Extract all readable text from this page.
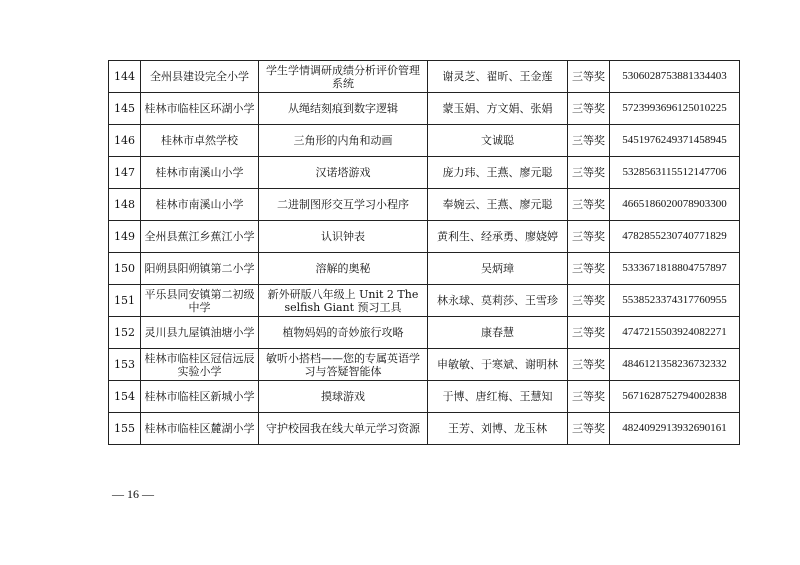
144	全州县建设完全小学	学生学情调研成绩分析评价管理系统	谢灵芝、翟昕、王金莲	三等奖	5306028753881334403
145	桂林市临桂区环湖小学	从绳结刻痕到数字逻辑	蒙玉娟、方文娟、张娟	三等奖	5723993696125010225
146	桂林市卓然学校	三角形的内角和动画	文诚聪	三等奖	5451976249371458945
147	桂林市南溪山小学	汉诺塔游戏	庞力玮、王燕、廖元聪	三等奖	5328563115512147706
148	桂林市南溪山小学	二进制图形交互学习小程序	奉婉云、王燕、廖元聪	三等奖	4665186020078903300
149	全州县蕉江乡蕉江小学	认识钟表	黄利生、经承勇、廖娆婷	三等奖	4782855230740771829
150	阳朔县阳朔镇第二小学	溶解的奥秘	吴炳璋	三等奖	5333671818804757897
151	平乐县同安镇第二初级中学	新外研版八年级上 Unit 2 The selfish Giant 预习工具	林永球、莫莉莎、王雪珍	三等奖	5538523374317760955
152	灵川县九屋镇油塘小学	植物妈妈的奇妙旅行攻略	康春慧	三等奖	4747215503924082271
153	桂林市临桂区冠信远辰实验小学	敏听小搭档——您的专属英语学习与答疑智能体	申敏敏、于寒斌、谢明林	三等奖	4846121358236732332
154	桂林市临桂区新城小学	摸球游戏	于博、唐红梅、王慧知	三等奖	5671628752794002838
155	桂林市临桂区麓湖小学	守护校园我在线大单元学习资源	王芳、刘博、龙玉林	三等奖	4824092913932690161
— 16 —
